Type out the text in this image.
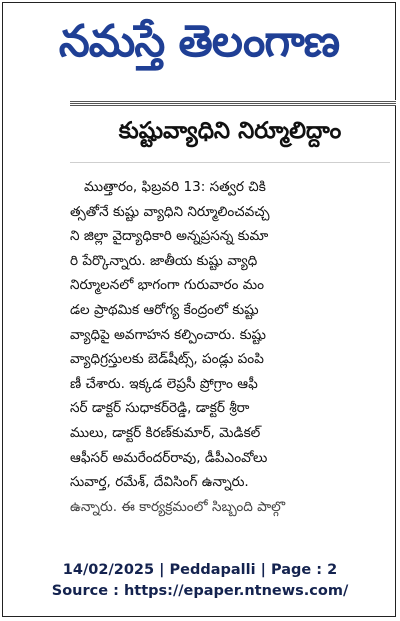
నమస్తే తెలంగాణ
కుష్టువ్యాధిని నిర్మూలిద్దాం
ముత్తారం, ఫిబ్రవరి 13: సత్వర చికి
త్సతోనే కుష్టు వ్యాధిని నిర్మూలించవచ్చ
ని జిల్లా వైద్యాధికారి అన్నప్రసన్న కుమా
రి పేర్కొన్నారు. జాతీయ కుష్టు వ్యాధి
నిర్మూలనలో భాగంగా గురువారం మం
డల ప్రాథమిక ఆరోగ్య కేంద్రంలో కుష్టు
వ్యాధిపై అవగాహన కల్పించారు. కుష్టు
వ్యాధిగ్రస్తులకు బెడ్‌షీట్స్, పండ్లు పంపి
ణీ చేశారు. ఇక్కడ లెప్రసీ ప్రోగ్రాం ఆఫీ
సర్ డాక్టర్ సుధాకర్‌రెడ్డి, డాక్టర్ శ్రీరా
ములు, డాక్టర్ కిరణ్‌కుమార్, మెడికల్
ఆఫీసర్ అమరేందర్‌రావు, డీపీఎంవోలు
సువార్త, రమేశ్, దేవిసింగ్ ఉన్నారు.
ఉన్నారు. ఈ కార్యక్రమంలో సిబ్బంది పాల్గొ
14/02/2025 | Peddapalli | Page : 2
Source : https://epaper.ntnews.com/
